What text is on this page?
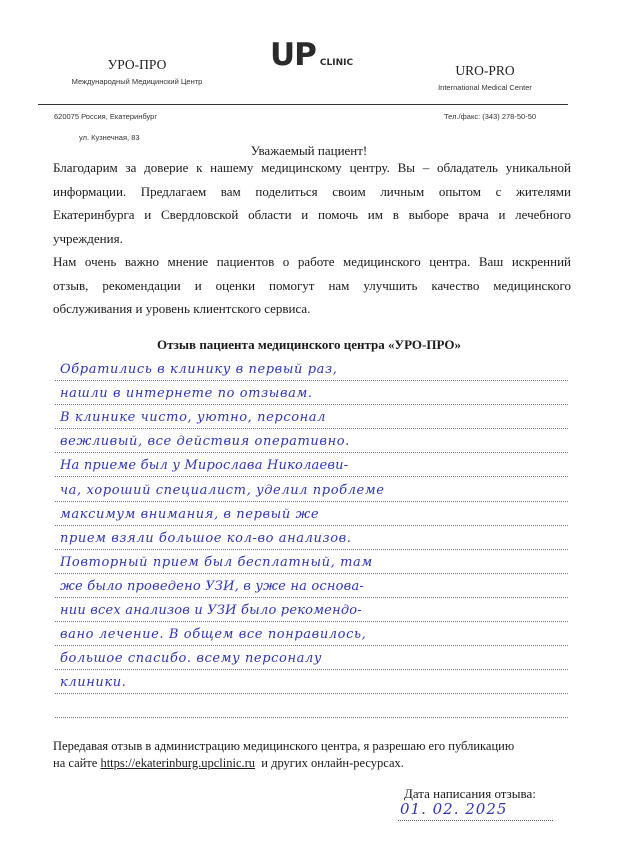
УРО-ПРО
Международный Медицинский Центр
UP CLINIC	URO-PRO
International Medical Center
620075 Россия, Екатеринбург
ул. Кузнечная, 83
Тел./факс: (343) 278-50-50
Уважаемый пациент!
Благодарим за доверие к нашему медицинскому центру. Вы – обладатель уникальной
информации. Предлагаем вам поделиться своим личным опытом с жителями
Екатеринбурга и Свердловской области и помочь им в выборе врача и лечебного
учреждения.
Нам очень важно мнение пациентов о работе медицинского центра. Ваш искренний
отзыв, рекомендации и оценки помогут нам улучшить качество медицинского
обслуживания и уровень клиентского сервиса.
Отзыв пациента медицинского центра «УРО-ПРО»
Обратились в клинику в первый раз,
нашли в интернете по отзывам.
В клинике чисто, уютно, персонал
вежливый, все действия оперативно.
На приеме был у Мирослава Николаеви-
ча, хороший специалист, уделил проблеме
максимум внимания, в первый же
прием взяли большое кол-во анализов.
Повторный прием был бесплатный, там
же было проведено УЗИ, в уже на основа-
нии всех анализов и УЗИ было рекомендо-
вано лечение. В общем все понравилось,
большое спасибо. всему персоналу
клиники.
Передавая отзыв в администрацию медицинского центра, я разрешаю его публикацию
на сайте https://ekaterinburg.upclinic.ru  и других онлайн-ресурсах.
Дата написания отзыва:
01. 02. 2025
